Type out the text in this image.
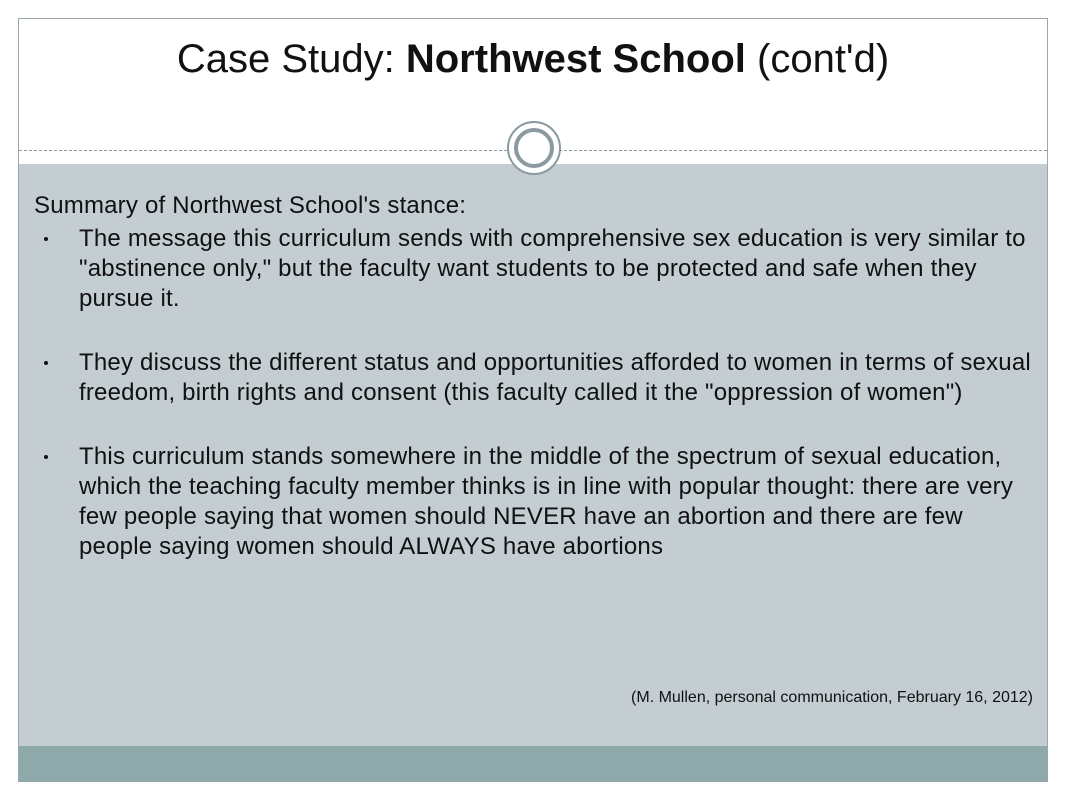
Case Study: Northwest School (cont'd)
Summary of Northwest School's stance:
The message this curriculum sends with comprehensive sex education is very similar to "abstinence only," but the faculty want students to be protected and safe when they pursue it.
They discuss the different status and opportunities afforded to women in terms of sexual freedom, birth rights and consent (this faculty called it the "oppression of women")
This curriculum stands somewhere in the middle of the spectrum of sexual education, which the teaching faculty member thinks is in line with popular thought: there are very few people saying that women should NEVER have an abortion and there are few people saying women should ALWAYS have abortions
(M. Mullen, personal communication, February 16, 2012)
